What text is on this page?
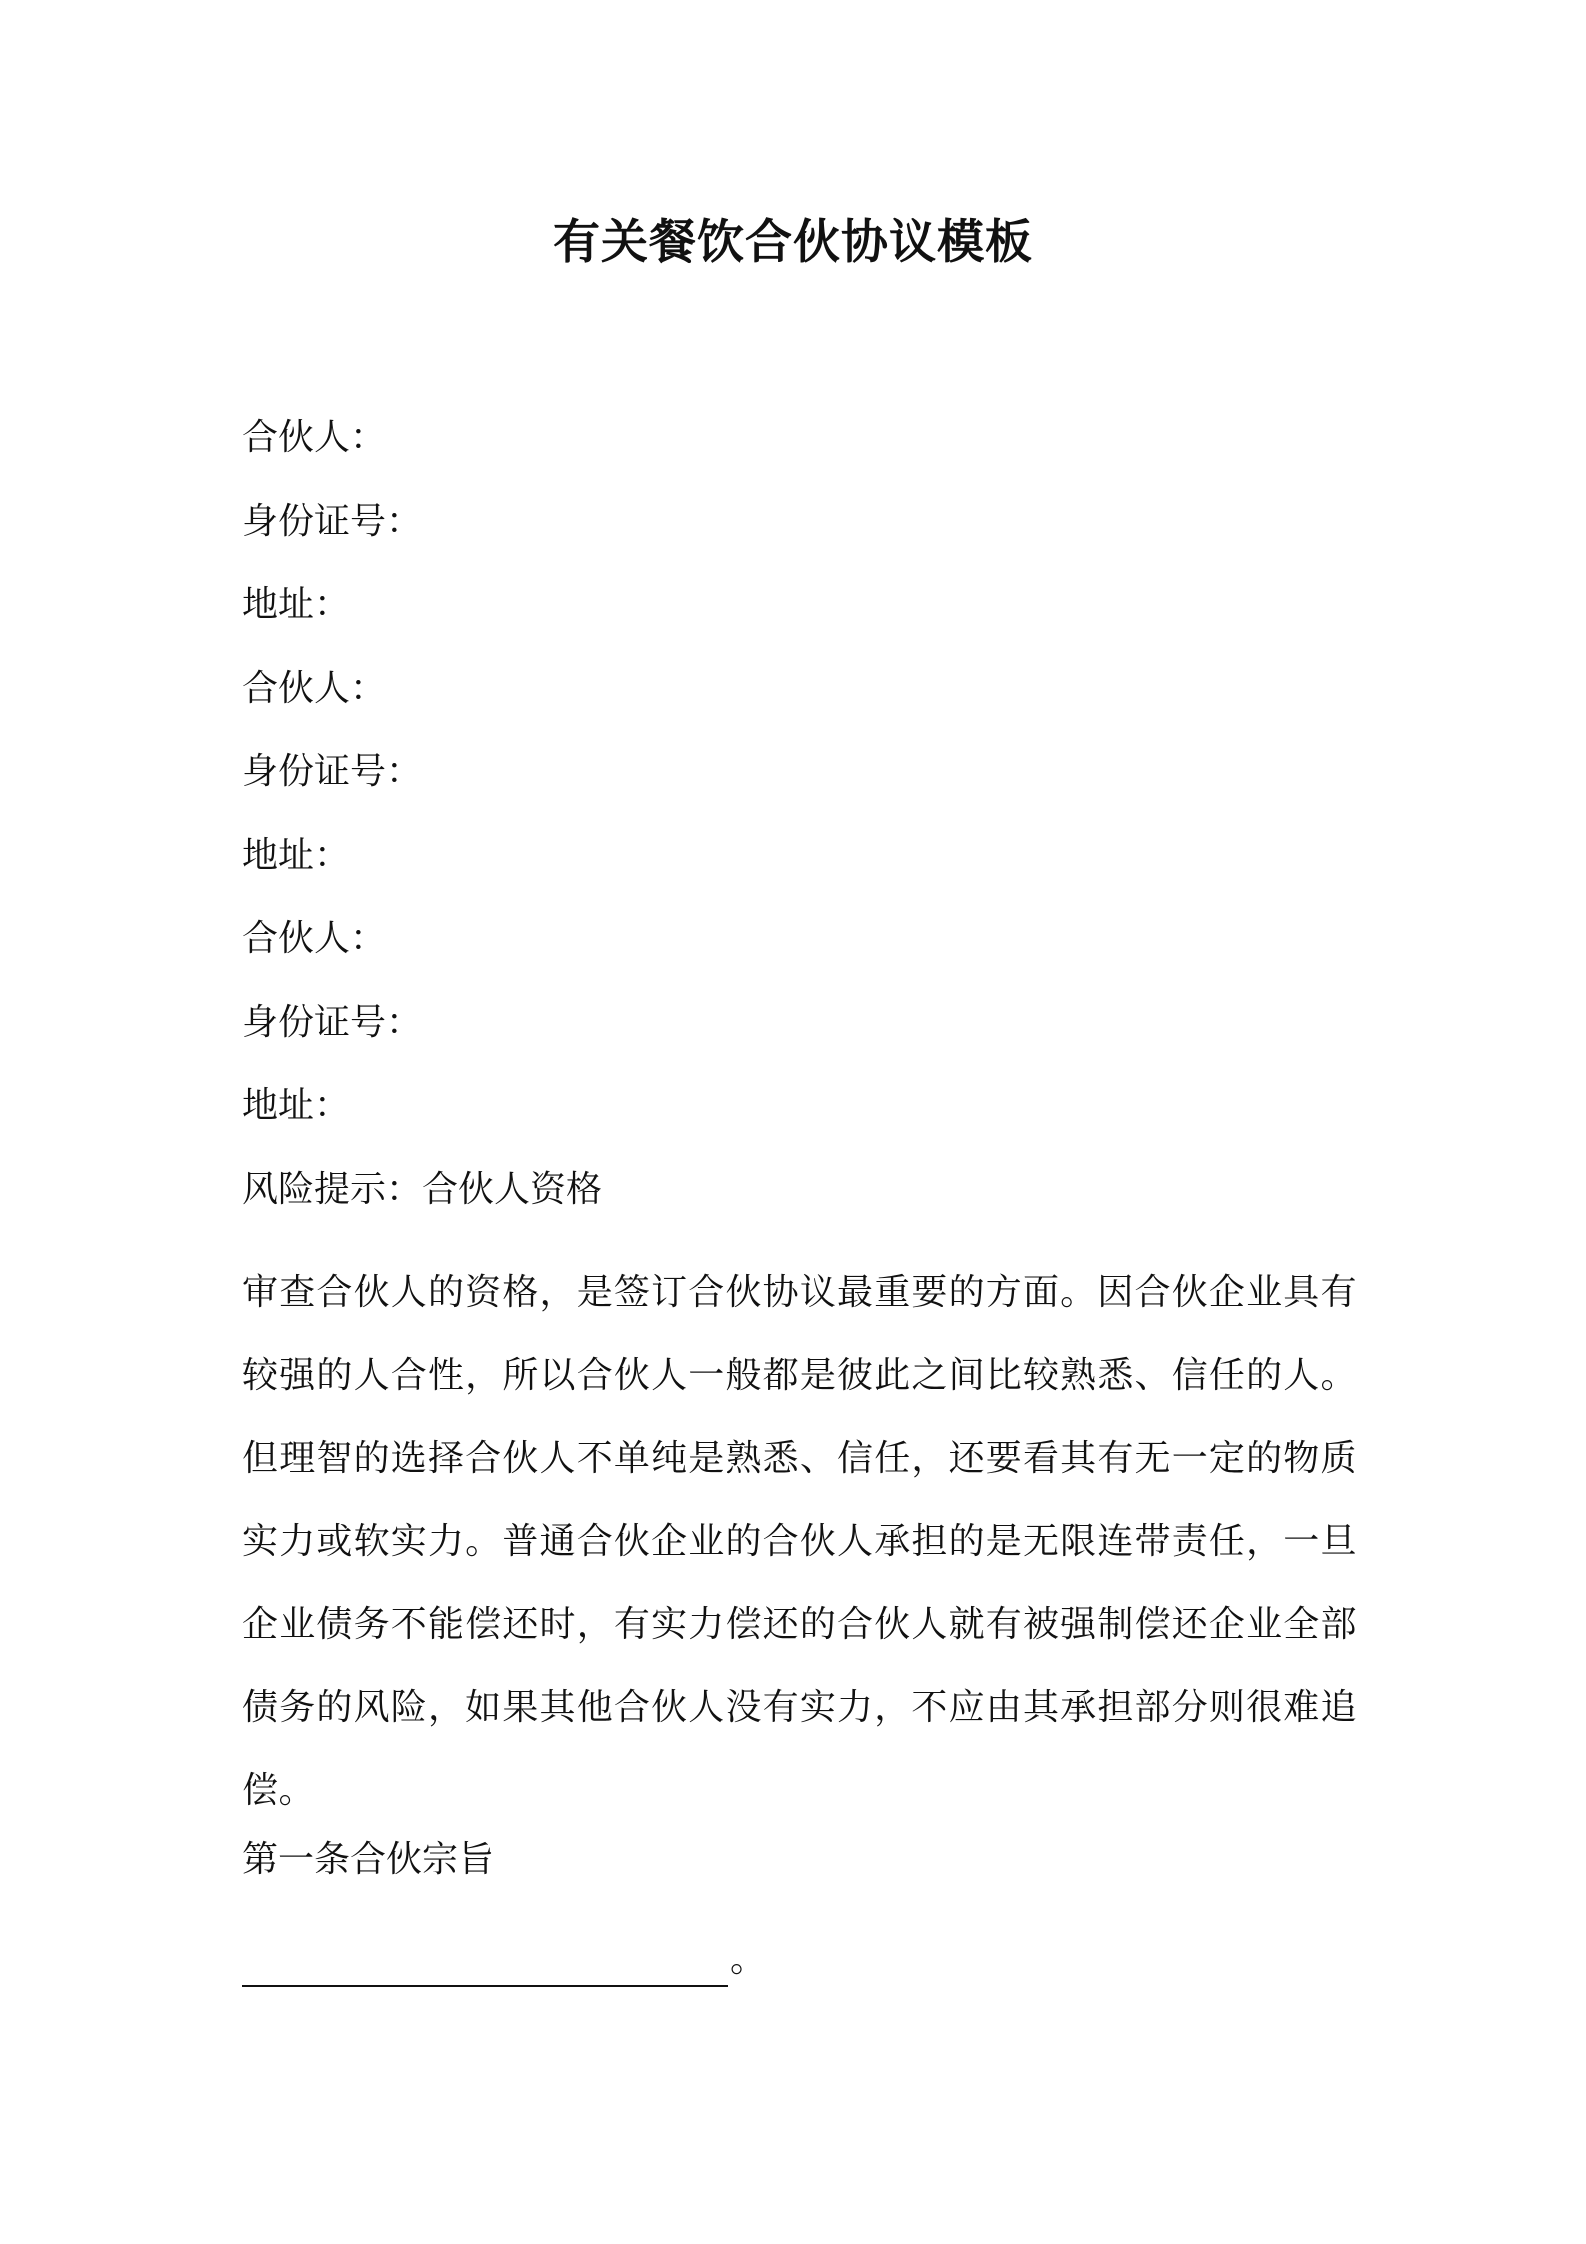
有关餐饮合伙协议模板
合伙人：
身份证号：
地址：
合伙人：
身份证号：
地址：
合伙人：
身份证号：
地址：
风险提示：合伙人资格
审查合伙人的资格，是签订合伙协议最重要的方面。因合伙企业具有较强的人合性，所以合伙人一般都是彼此之间比较熟悉、信任的人。但理智的选择合伙人不单纯是熟悉、信任，还要看其有无一定的物质实力或软实力。普通合伙企业的合伙人承担的是无限连带责任，一旦企业债务不能偿还时，有实力偿还的合伙人就有被强制偿还企业全部债务的风险，如果其他合伙人没有实力，不应由其承担部分则很难追偿。
第一条合伙宗旨
。
